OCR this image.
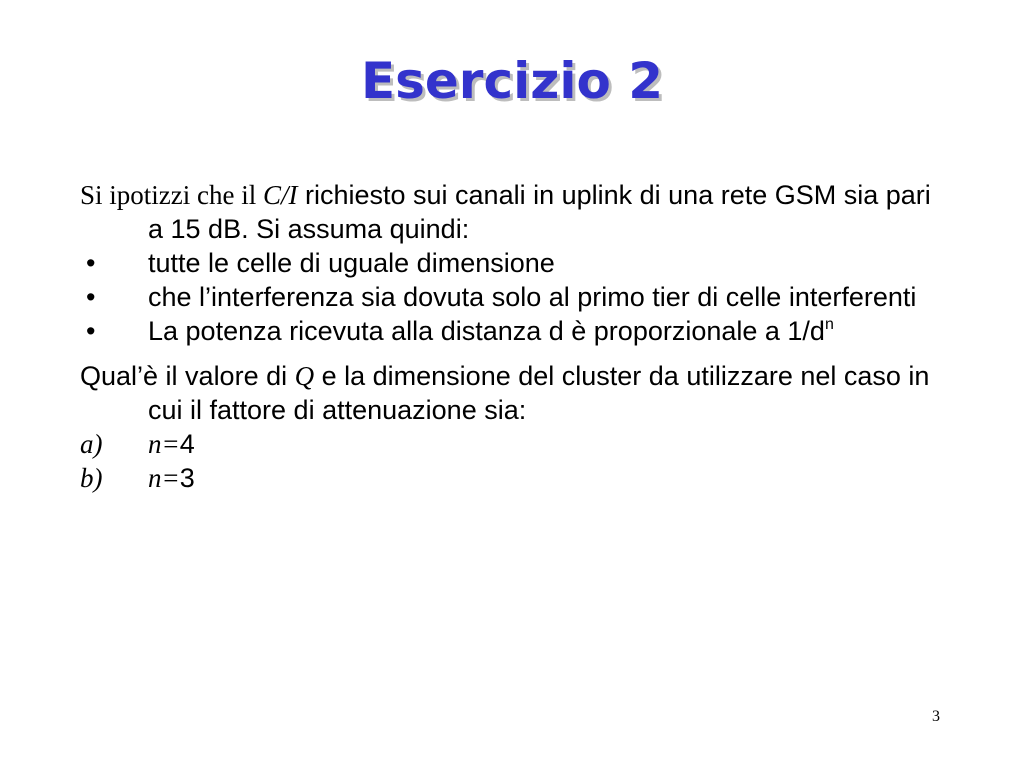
Esercizio 2

Si ipotizzi che il C/I richiesto sui canali in uplink di una rete GSM sia pari a 15 dB. Si assuma quindi:

• tutte le celle di uguale dimensione

• che l’interferenza sia dovuta solo al primo tier di celle interferenti

• La potenza ricevuta alla distanza d è proporzionale a $1/d^n$

Qual’è il valore di Q e la dimensione del cluster da utilizzare nel caso in cui il fattore di attenuazione sia:

a) n=4

b) n=3

3
